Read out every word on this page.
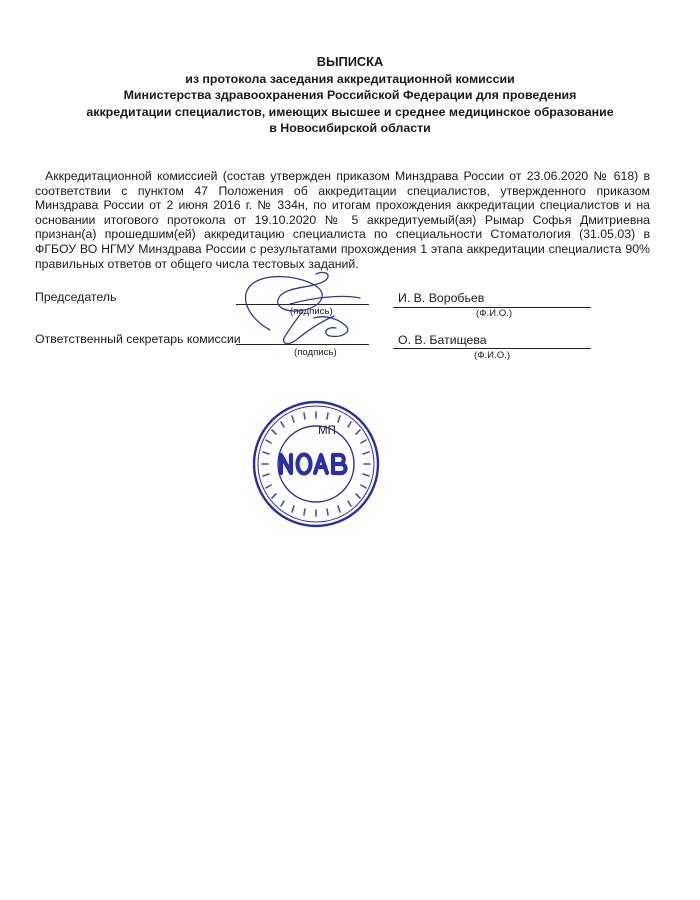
ВЫПИСКА
из протокола заседания аккредитационной комиссии
Министерства здравоохранения Российской Федерации для проведения
аккредитации специалистов, имеющих высшее и среднее медицинское образование
в Новосибирской области

Аккредитационной комиссией (состав утвержден приказом Минздрава России от 23.06.2020 № 618) в соответствии с пунктом 47 Положения об аккредитации специалистов, утвержденного приказом Минздрава России от 2 июня 2016 г. № 334н, по итогам прохождения аккредитации специалистов и на основании итогового протокола от 19.10.2020 № 5 аккредитуемый(ая) Рымар Софья Дмитриевна признан(а) прошедшим(ей) аккредитацию специалиста по специальности Стоматология (31.05.03) в ФГБОУ ВО НГМУ Минздрава России с результатами прохождения 1 этапа аккредитации специалиста 90% правильных ответов от общего числа тестовых заданий.

Председатель
(подпись)
И. В. Воробьев
(Ф.И.О.)
Ответственный секретарь комиссии
(подпись)
О. В. Батищева
(Ф.И.О.)
МП
